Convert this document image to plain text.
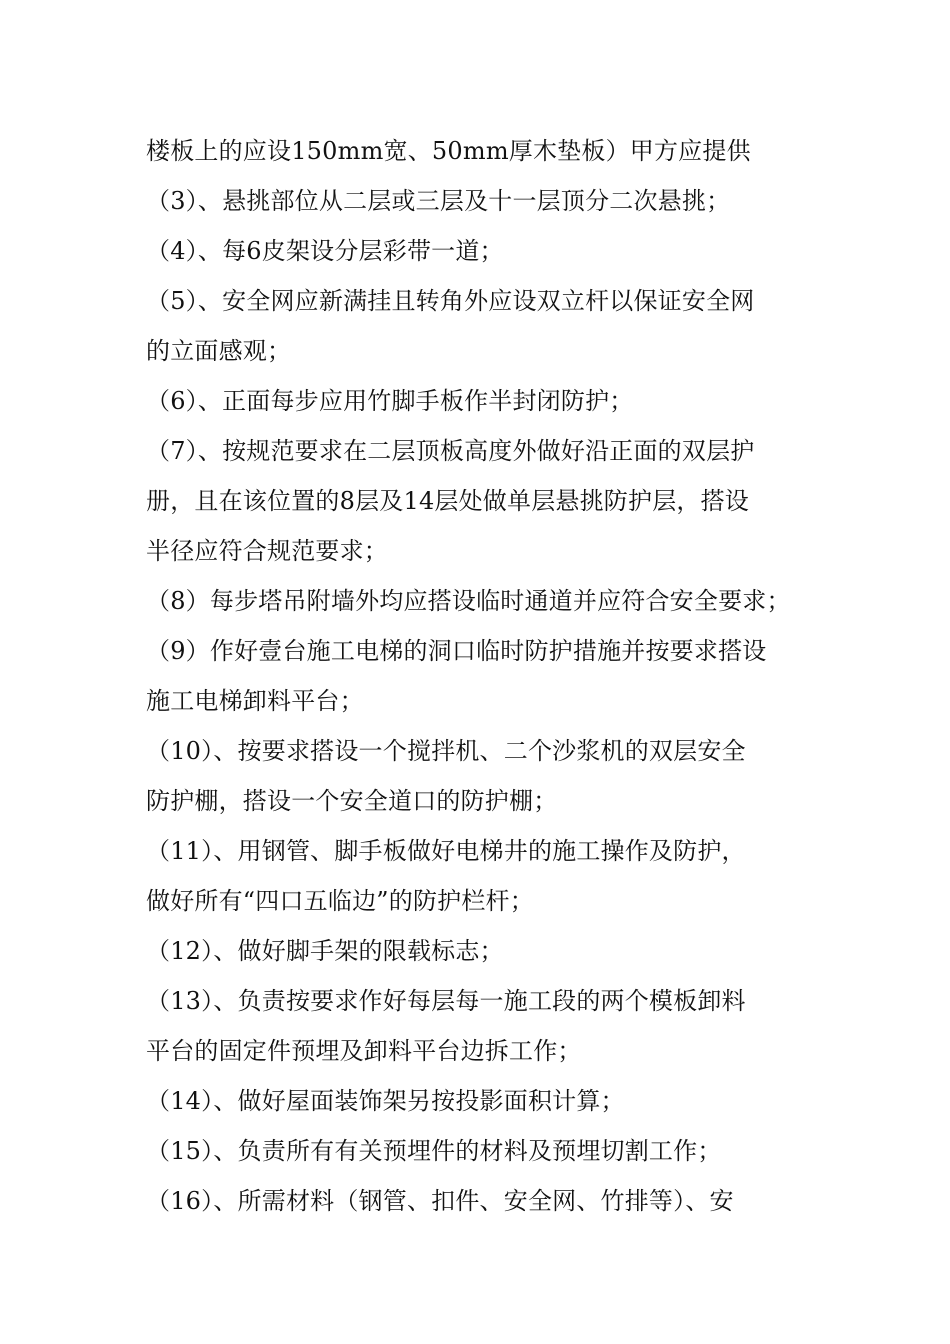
楼板上的应设150mm宽、50mm厚木垫板）甲方应提供
（3）、悬挑部位从二层或三层及十一层顶分二次悬挑；
（4）、每6皮架设分层彩带一道；
（5）、安全网应新满挂且转角外应设双立杆以保证安全网
的立面感观；
（6）、正面每步应用竹脚手板作半封闭防护；
（7）、按规范要求在二层顶板高度外做好沿正面的双层护
册，且在该位置的8层及14层处做单层悬挑防护层，搭设
半径应符合规范要求；
（8）每步塔吊附墙外均应搭设临时通道并应符合安全要求；
（9）作好壹台施工电梯的洞口临时防护措施并按要求搭设
施工电梯卸料平台；
（10）、按要求搭设一个搅拌机、二个沙浆机的双层安全
防护棚，搭设一个安全道口的防护棚；
（11）、用钢管、脚手板做好电梯井的施工操作及防护，
做好所有“四口五临边”的防护栏杆；
（12）、做好脚手架的限载标志；
（13）、负责按要求作好每层每一施工段的两个模板卸料
平台的固定件预埋及卸料平台边拆工作；
（14）、做好屋面装饰架另按投影面积计算；
（15）、负责所有有关预埋件的材料及预埋切割工作；
（16）、所需材料（钢管、扣件、安全网、竹排等）、安
